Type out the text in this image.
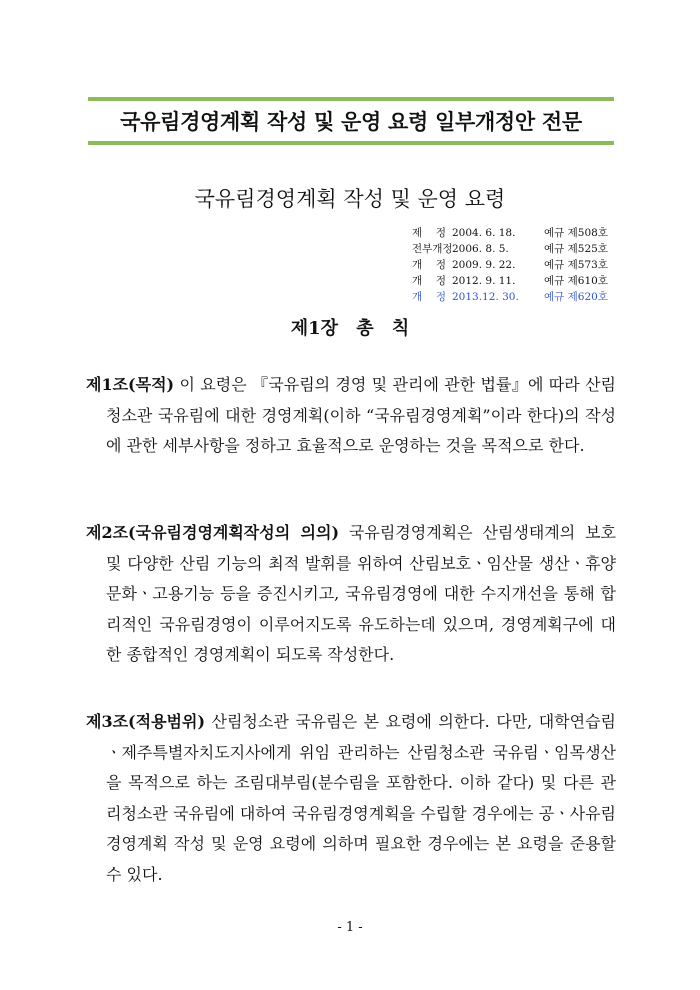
국유림경영계획 작성 및 운영 요령 일부개정안 전문
국유림경영계획 작성 및 운영 요령
제 정 2004. 6. 18.	예규 제508호
전부개정 2006. 8. 5.	예규 제525호
개 정 2009. 9. 22.	예규 제573호
개 정 2012. 9. 11.	예규 제610호
개 정 2013.12. 30.	예규 제620호
제1장 총 칙

제1조(목적) 이 요령은 『국유림의 경영 및 관리에 관한 법률』에 따라 산림청소관 국유림에 대한 경영계획(이하 “국유림경영계획”이라 한다)의 작성에 관한 세부사항을 정하고 효율적으로 운영하는 것을 목적으로 한다.

제2조(국유림경영계획작성의 의의) 국유림경영계획은 산림생태계의 보호 및 다양한 산림 기능의 최적 발휘를 위하여 산림보호ㆍ임산물 생산ㆍ휴양문화ㆍ고용기능 등을 증진시키고, 국유림경영에 대한 수지개선을 통해 합리적인 국유림경영이 이루어지도록 유도하는데 있으며, 경영계획구에 대한 종합적인 경영계획이 되도록 작성한다.

제3조(적용범위) 산림청소관 국유림은 본 요령에 의한다. 다만, 대학연습림ㆍ제주특별자치도지사에게 위임 관리하는 산림청소관 국유림ㆍ임목생산을 목적으로 하는 조림대부림(분수림을 포함한다. 이하 같다) 및 다른 관리청소관 국유림에 대하여 국유림경영계획을 수립할 경우에는 공ㆍ사유림경영계획 작성 및 운영 요령에 의하며 필요한 경우에는 본 요령을 준용할 수 있다.

- 1 -
